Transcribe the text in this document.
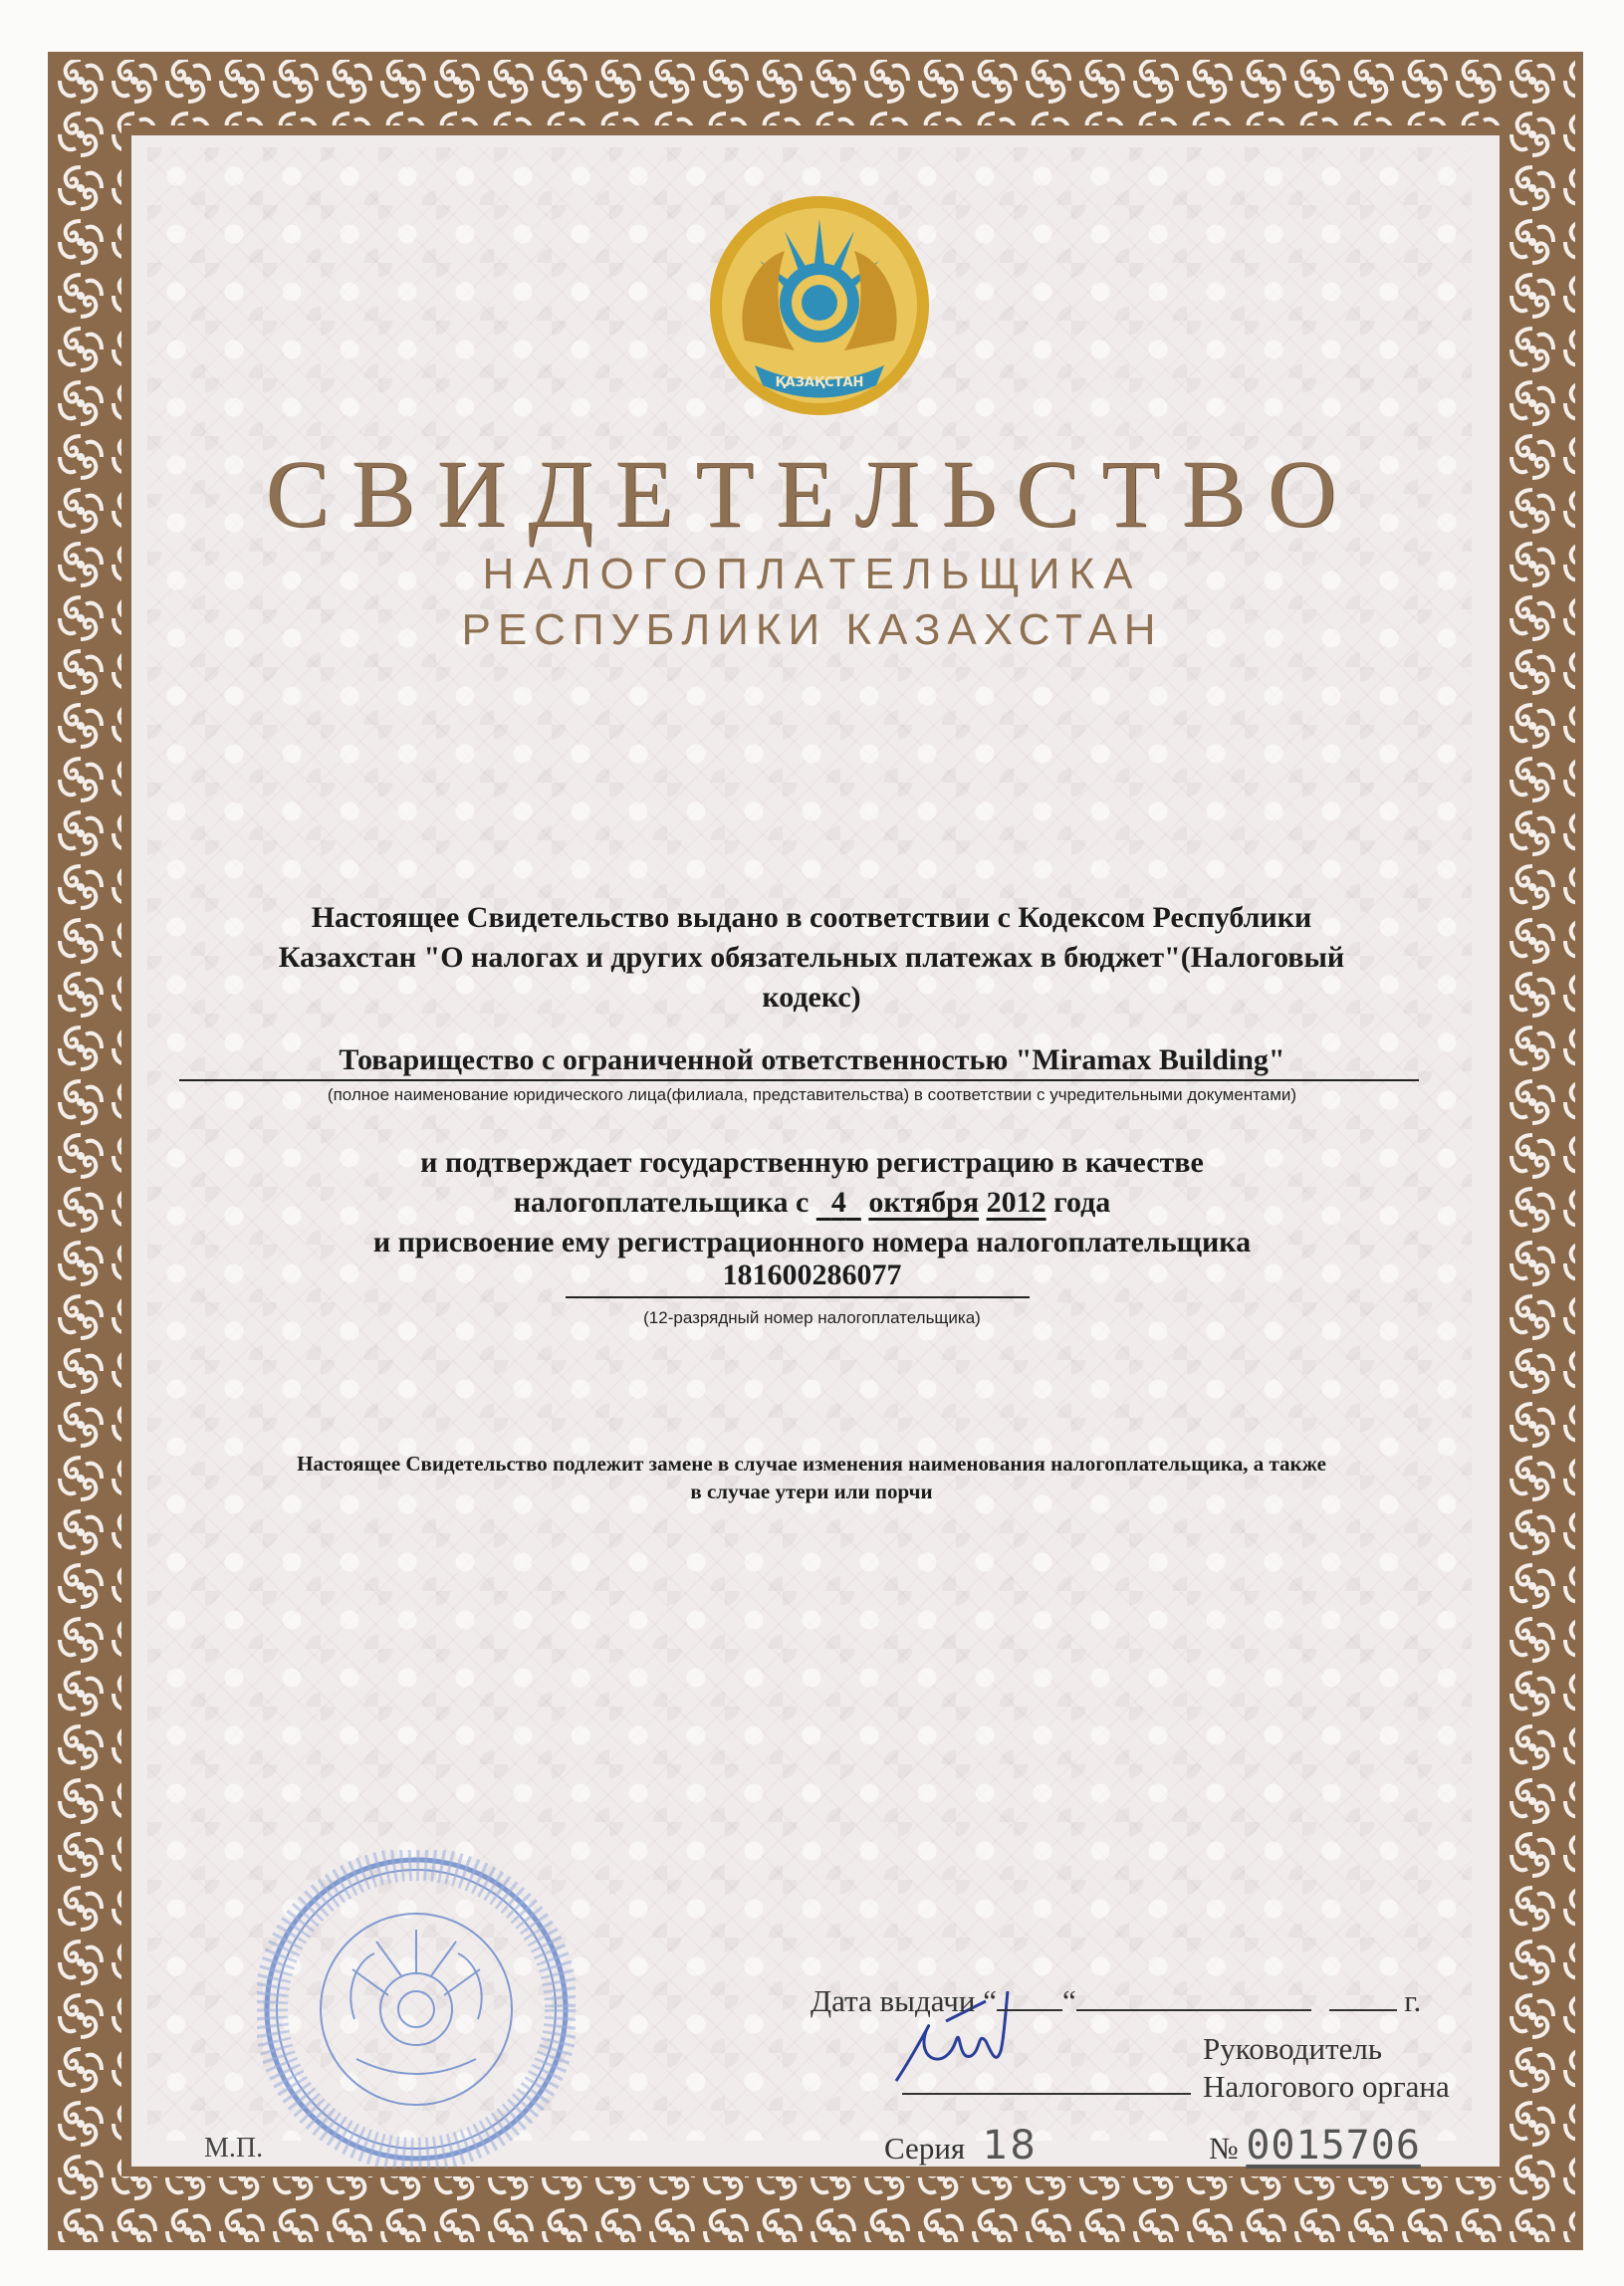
ҚАЗАҚСТАН
СВИДЕТЕЛЬСТВО
НАЛОГОПЛАТЕЛЬЩИКА
РЕСПУБЛИКИ КАЗАХСТАН
Настоящее Свидетельство выдано в соответствии с Кодексом Республики
Казахстан "О налогах и других обязательных платежах в бюджет"(Налоговый
кодекс)
Товарищество с ограниченной ответственностью "Miramax Building"
(полное наименование юридического лица(филиала, представительства) в соответствии с учредительными документами)
и подтверждает государственную регистрацию в качестве
налогоплательщика с 4 октября 2012 года
и присвоение ему регистрационного номера налогоплательщика
181600286077
(12-разрядный номер налогоплательщика)
Настоящее Свидетельство подлежит замене в случае изменения наименования налогоплательщика, а также
в случае утери или порчи
Дата выдачи “ “	г.
Руководитель
Налогового органа
М.П.	Серия 18	№ 0015706
